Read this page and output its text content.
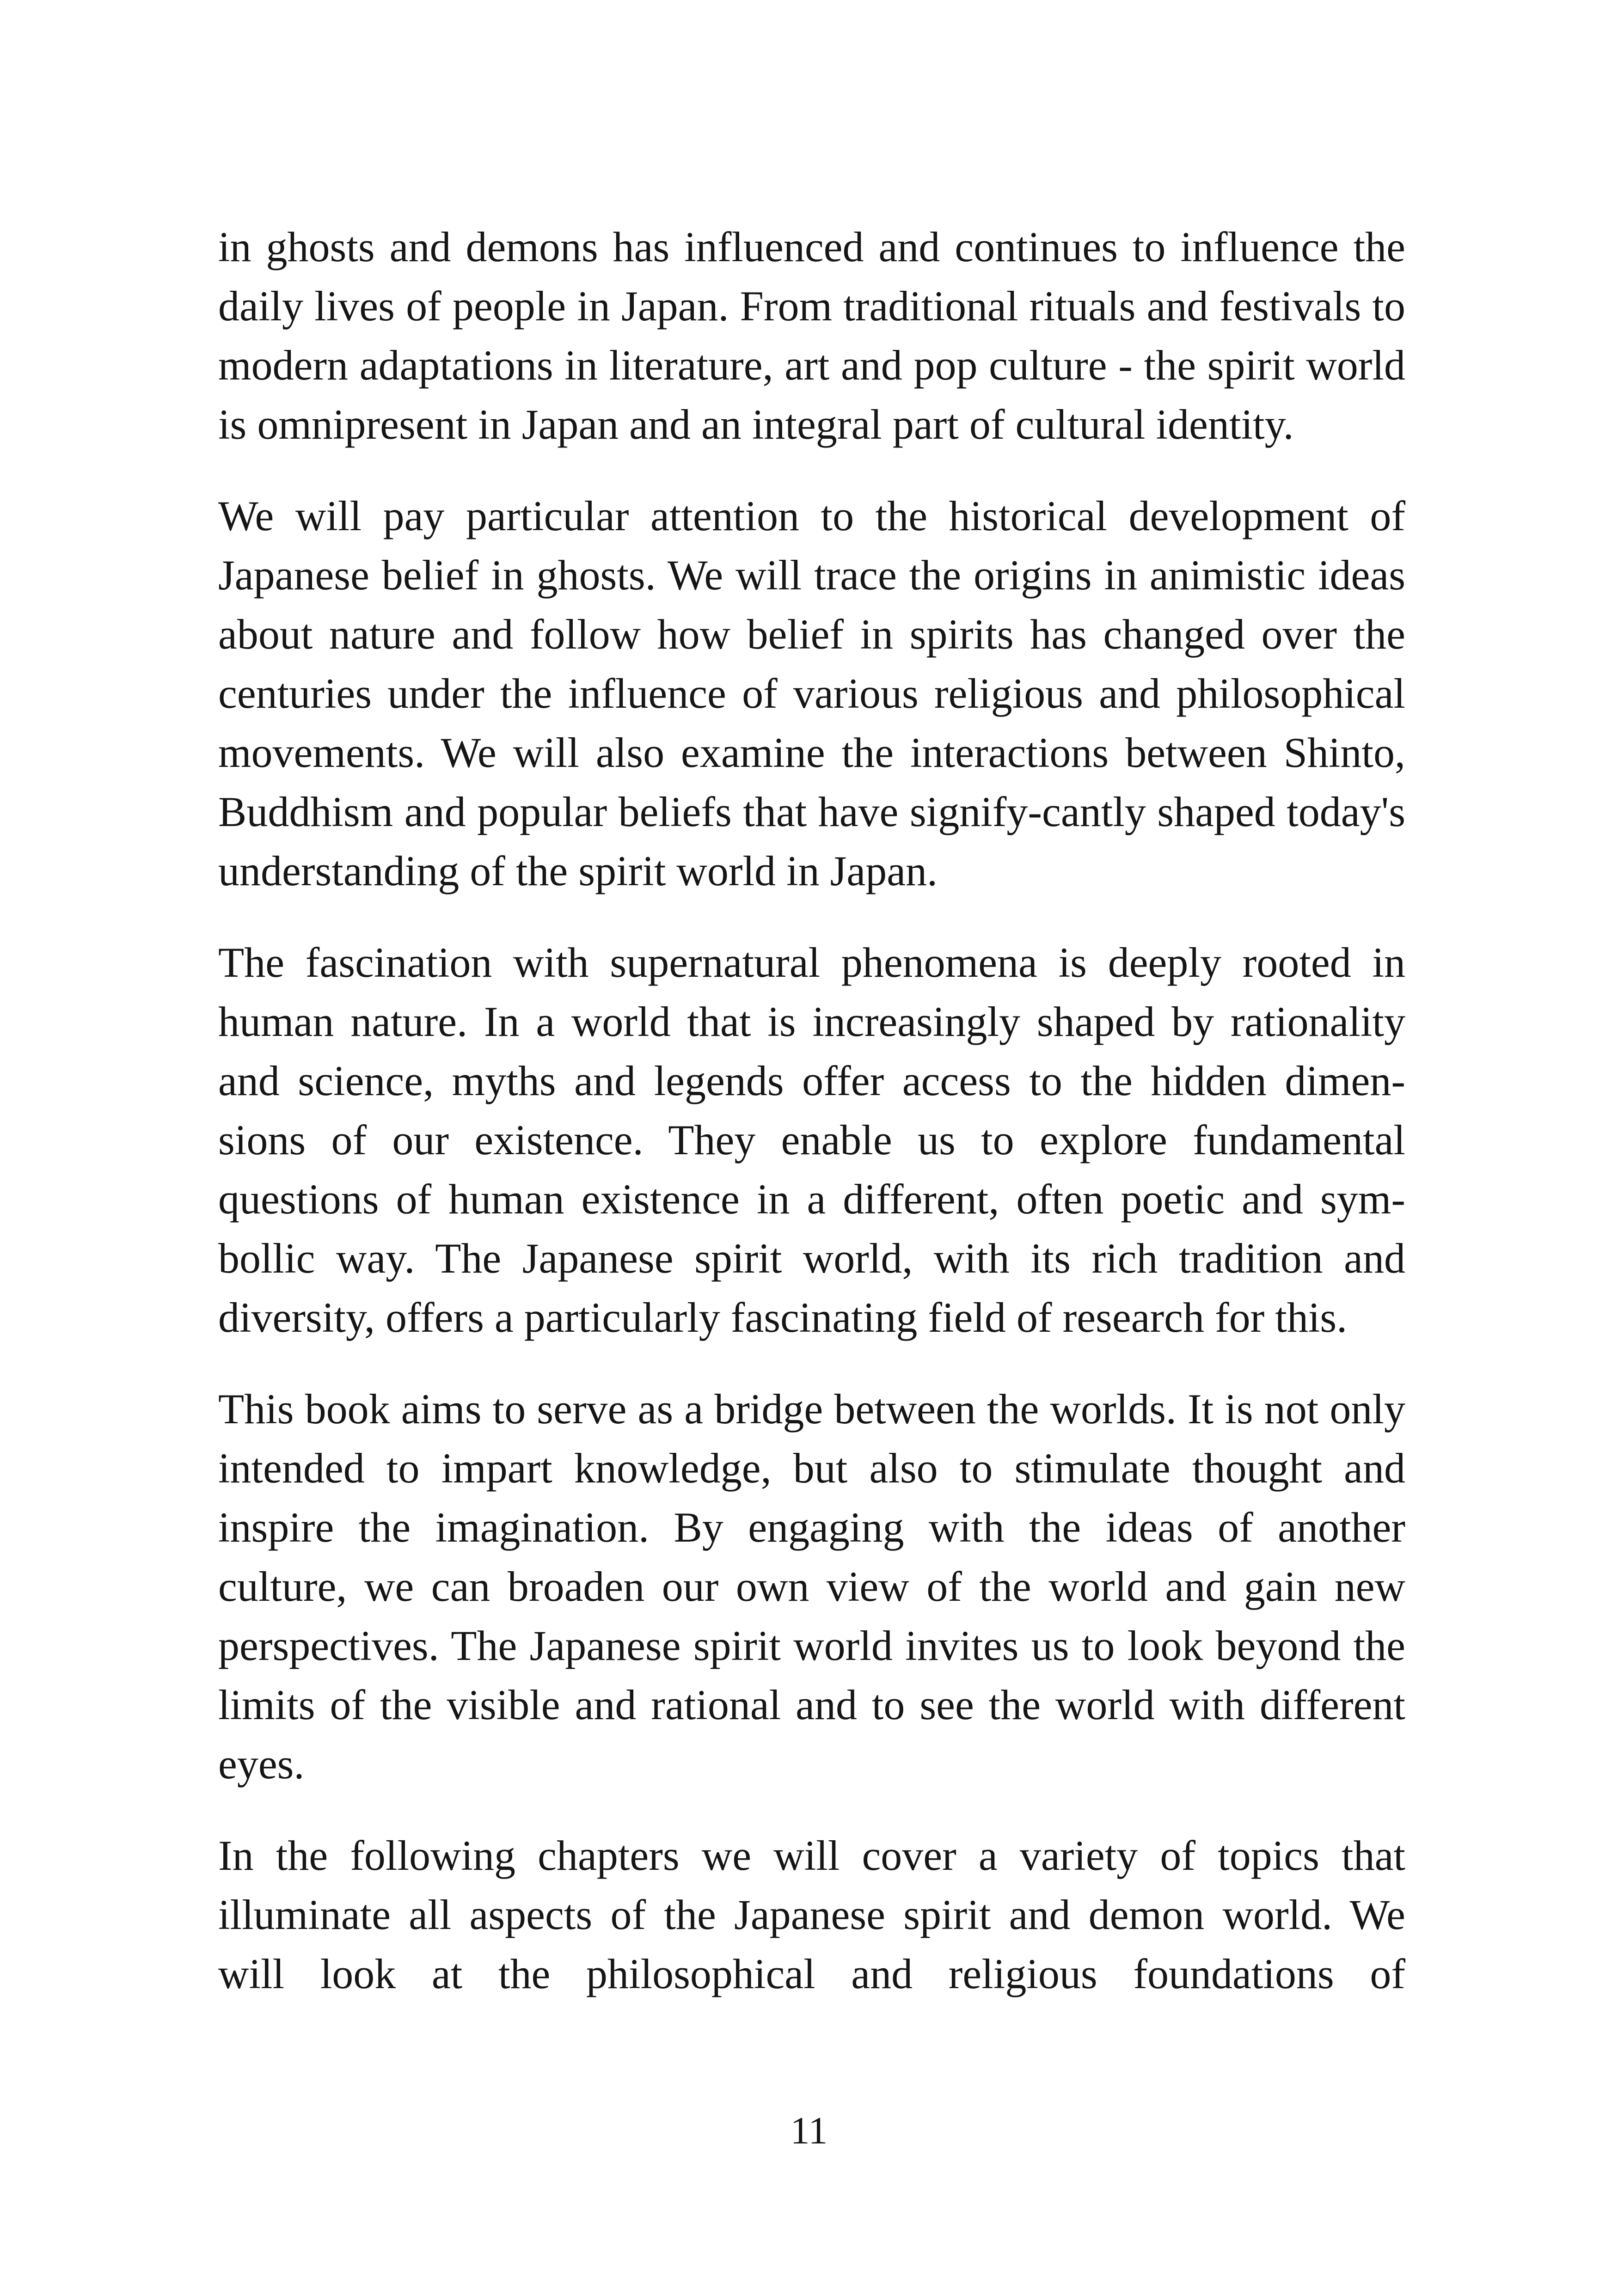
in ghosts and demons has influenced and continues to influence the daily lives of people in Japan. From traditional rituals and festivals to modern adaptations in literature, art and pop culture - the spirit world is omnipresent in Japan and an integral part of cultural identity.

We will pay particular attention to the historical development of Japanese belief in ghosts. We will trace the origins in animistic ideas about nature and follow how belief in spirits has changed over the centuries under the influence of various religious and philosophical movements. We will also examine the interactions between Shinto, Buddhism and popular beliefs that have signify-cantly shaped today's understanding of the spirit world in Japan.

The fascination with supernatural phenomena is deeply rooted in human nature. In a world that is increasingly shaped by rationality and science, myths and legends offer access to the hidden dimen-sions of our existence. They enable us to explore fundamental questions of human existence in a different, often poetic and sym-bollic way. The Japanese spirit world, with its rich tradition and diversity, offers a particularly fascinating field of research for this.

This book aims to serve as a bridge between the worlds. It is not only intended to impart knowledge, but also to stimulate thought and inspire the imagination. By engaging with the ideas of another culture, we can broaden our own view of the world and gain new perspectives. The Japanese spirit world invites us to look beyond the limits of the visible and rational and to see the world with different eyes.

In the following chapters we will cover a variety of topics that illuminate all aspects of the Japanese spirit and demon world. We will look at the philosophical and religious foundations of

11
